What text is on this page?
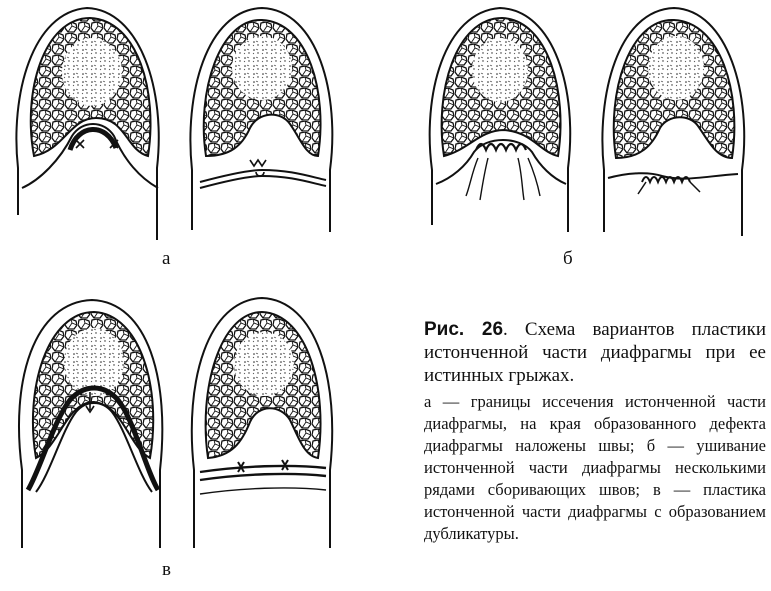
а	б
в
Рис. 26. Схема вариантов пластики истонченной части диафрагмы при ее истинных грыжах.
а — границы иссечения истонченной части диафрагмы, на края образованного дефекта диафрагмы наложены швы; б — ушивание истонченной части диафрагмы несколькими рядами сборивающих швов; в — пластика истонченной части диафрагмы с образованием дубликатуры.
